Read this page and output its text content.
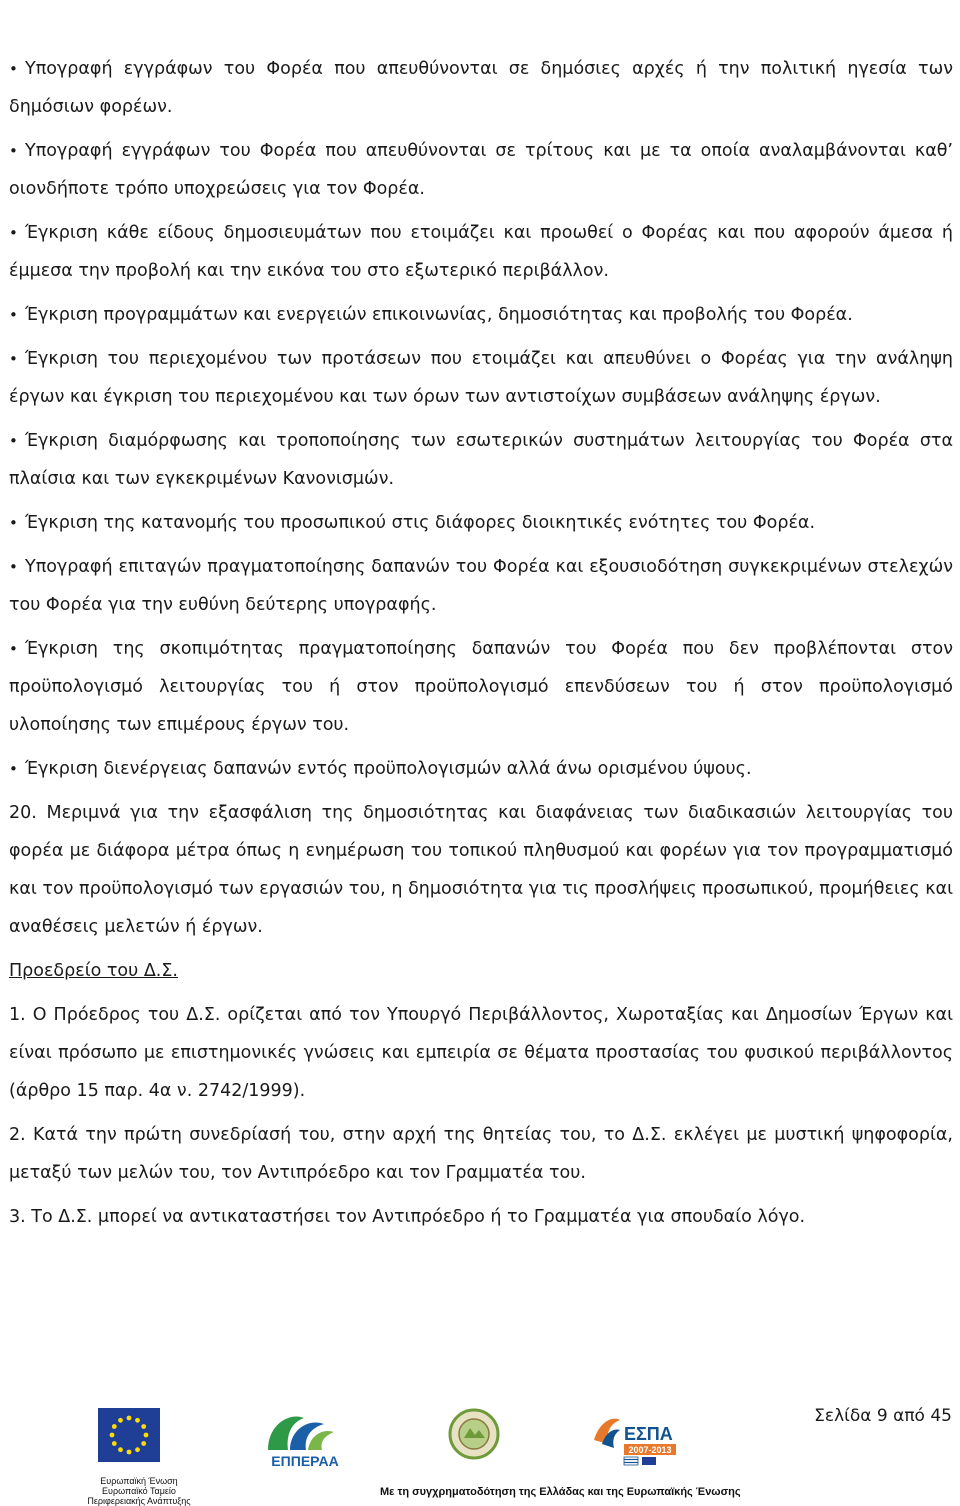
• Υπογραφή εγγράφων του Φορέα που απευθύνονται σε δημόσιες αρχές ή την πολιτική ηγεσία των δημόσιων φορέων.
• Υπογραφή εγγράφων του Φορέα που απευθύνονται σε τρίτους και με τα οποία αναλαμβάνονται καθ’ οιονδήποτε τρόπο υποχρεώσεις για τον Φορέα.
• Έγκριση κάθε είδους δημοσιευμάτων που ετοιμάζει και προωθεί ο Φορέας και που αφορούν άμεσα ή έμμεσα την προβολή και την εικόνα του στο εξωτερικό περιβάλλον.
• Έγκριση προγραμμάτων και ενεργειών επικοινωνίας, δημοσιότητας και προβολής του Φορέα.
• Έγκριση του περιεχομένου των προτάσεων που ετοιμάζει και απευθύνει ο Φορέας για την ανάληψη έργων και έγκριση του περιεχομένου και των όρων των αντιστοίχων συμβάσεων ανάληψης έργων.
• Έγκριση διαμόρφωσης και τροποποίησης των εσωτερικών συστημάτων λειτουργίας του Φορέα στα πλαίσια και των εγκεκριμένων Κανονισμών.
• Έγκριση της κατανομής του προσωπικού στις διάφορες διοικητικές ενότητες του Φορέα.
• Υπογραφή επιταγών πραγματοποίησης δαπανών του Φορέα και εξουσιοδότηση συγκεκριμένων στελεχών του Φορέα για την ευθύνη δεύτερης υπογραφής.
• Έγκριση της σκοπιμότητας πραγματοποίησης δαπανών του Φορέα που δεν προβλέπονται στον προϋπολογισμό λειτουργίας του ή στον προϋπολογισμό επενδύσεων του ή στον προϋπολογισμό υλοποίησης των επιμέρους έργων του.
• Έγκριση διενέργειας δαπανών εντός προϋπολογισμών αλλά άνω ορισμένου ύψους.
20. Μεριμνά για την εξασφάλιση της δημοσιότητας και διαφάνειας των διαδικασιών λειτουργίας του φορέα με διάφορα μέτρα όπως η ενημέρωση του τοπικού πληθυσμού και φορέων για τον προγραμματισμό και τον προϋπολογισμό των εργασιών του, η δημοσιότητα για τις προσλήψεις προσωπικού, προμήθειες και αναθέσεις μελετών ή έργων.
Προεδρείο του Δ.Σ.
1. Ο Πρόεδρος του Δ.Σ. ορίζεται από τον Υπουργό Περιβάλλοντος, Χωροταξίας και Δημοσίων Έργων και είναι πρόσωπο με επιστημονικές γνώσεις και εμπειρία σε θέματα προστασίας του φυσικού περιβάλλοντος (άρθρο 15 παρ. 4α ν. 2742/1999).
2. Κατά την πρώτη συνεδρίασή του, στην αρχή της θητείας του, το Δ.Σ. εκλέγει με μυστική ψηφοφορία, μεταξύ των μελών του, τον Αντιπρόεδρο και τον Γραμματέα του.
3. Το Δ.Σ. μπορεί να αντικαταστήσει τον Αντιπρόεδρο ή το Γραμματέα για σπουδαίο λόγο.
Σελίδα 9 από 45
Ευρωπαϊκή Ένωση
Ευρωπαϊκό Ταμείο
Περιφερειακής Ανάπτυξης
ΕΠΠΕΡΑΑ
ΕΣΠΑ
2007-2013
Με τη συγχρηματοδότηση της Ελλάδας και της Ευρωπαϊκής Ένωσης
